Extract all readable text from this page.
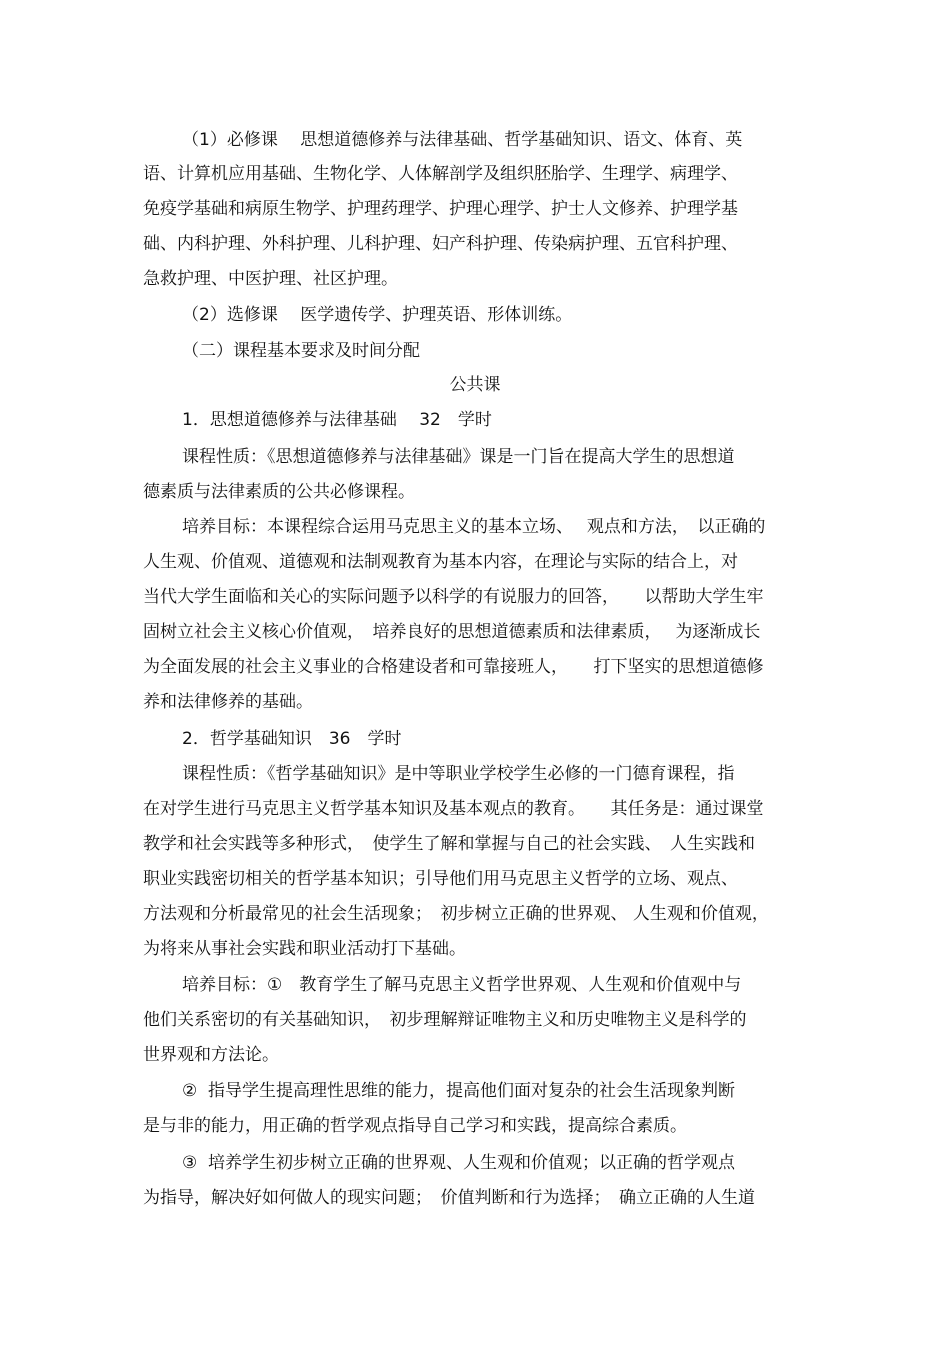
（1）必修课　 思想道德修养与法律基础、哲学基础知识、语文、体育、英
语、计算机应用基础、生物化学、人体解剖学及组织胚胎学、生理学、病理学、
免疫学基础和病原生物学、护理药理学、护理心理学、护士人文修养、护理学基
础、内科护理、外科护理、儿科护理、妇产科护理、传染病护理、五官科护理、
急救护理、中医护理、社区护理。
（2）选修课　 医学遗传学、护理英语、形体训练。
（二）课程基本要求及时间分配
公共课
1．思想道德修养与法律基础　 32　学时
课程性质：《思想道德修养与法律基础》课是一门旨在提高大学生的思想道
德素质与法律素质的公共必修课程。
培养目标：本课程综合运用马克思主义的基本立场、　 观点和方法，　以正确的
人生观、价值观、道德观和法制观教育为基本内容，在理论与实际的结合上，对
当代大学生面临和关心的实际问题予以科学的有说服力的回答，　　以帮助大学生牢
固树立社会主义核心价值观，　培养良好的思想道德素质和法律素质，　 为逐渐成长
为全面发展的社会主义事业的合格建设者和可靠接班人，　　打下坚实的思想道德修
养和法律修养的基础。
2．哲学基础知识　36　学时
课程性质：《哲学基础知识》是中等职业学校学生必修的一门德育课程，指
在对学生进行马克思主义哲学基本知识及基本观点的教育。　　其任务是：通过课堂
教学和社会实践等多种形式，　使学生了解和掌握与自己的社会实践、　人生实践和
职业实践密切相关的哲学基本知识；引导他们用马克思主义哲学的立场、观点、
方法观和分析最常见的社会生活现象；　初步树立正确的世界观、 人生观和价值观，
为将来从事社会实践和职业活动打下基础。
培养目标：①　教育学生了解马克思主义哲学世界观、人生观和价值观中与
他们关系密切的有关基础知识，　初步理解辩证唯物主义和历史唯物主义是科学的
世界观和方法论。
②  指导学生提高理性思维的能力，提高他们面对复杂的社会生活现象判断
是与非的能力，用正确的哲学观点指导自己学习和实践，提高综合素质。
③  培养学生初步树立正确的世界观、人生观和价值观；以正确的哲学观点
为指导，解决好如何做人的现实问题；　价值判断和行为选择；　确立正确的人生道
